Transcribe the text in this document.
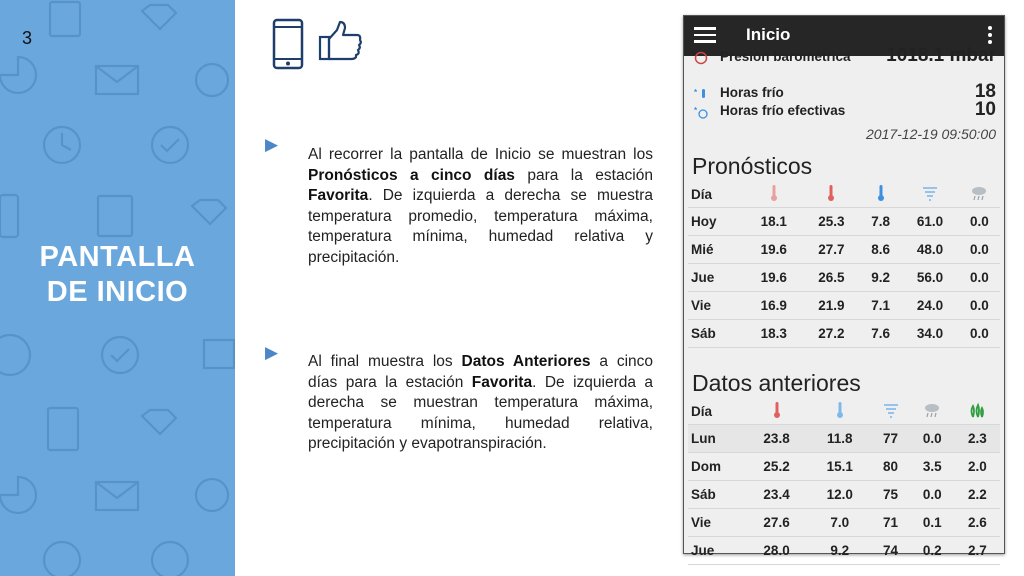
3
PANTALLA
DE INICIO
▶
Al recorrer la pantalla de Inicio se muestran los Pronósticos a cinco días para la estación Favorita. De izquierda a derecha se muestra temperatura promedio, temperatura máxima, temperatura mínima, humedad relativa y precipitación.
▶ Al final muestra los Datos Anteriores a cinco días para la estación Favorita. De izquierda a derecha se muestran temperatura máxima, temperatura mínima, humedad relativa, precipitación y evapotranspiración.
Inicio
Presión barométrica 1018.1 mbar
* Horas frío	18
* Horas frío efectivas	10
2017-12-19 09:50:00
Pronósticos
Día					
Hoy	18.1	25.3	7.8	61.0	0.0
Mié	19.6	27.7	8.6	48.0	0.0
Jue	19.6	26.5	9.2	56.0	0.0
Vie	16.9	21.9	7.1	24.0	0.0
Sáb	18.3	27.2	7.6	34.0	0.0
Datos anteriores
Día					
Lun	23.8	11.8	77	0.0	2.3
Dom	25.2	15.1	80	3.5	2.0
Sáb	23.4	12.0	75	0.0	2.2
Vie	27.6	7.0	71	0.1	2.6
Jue	28.0	9.2	74	0.2	2.7
